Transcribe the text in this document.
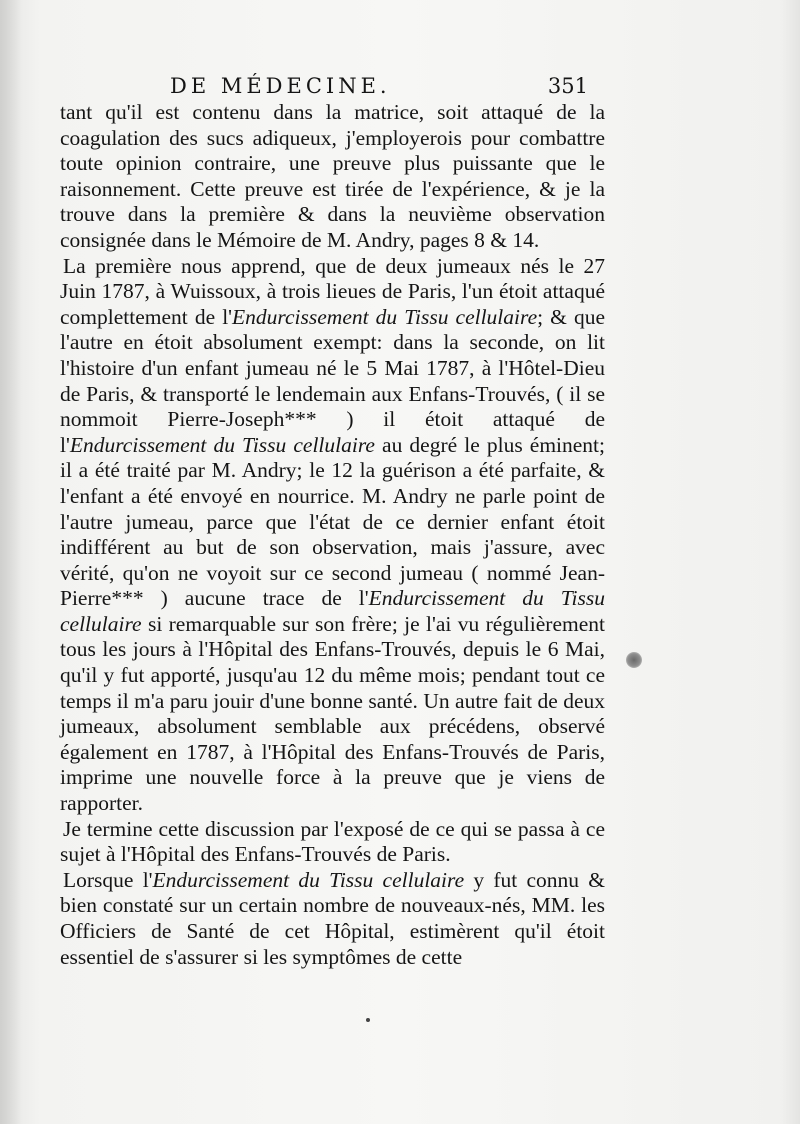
DE MÉDECINE.	351

tant qu'il est contenu dans la matrice, soit attaqué de la coagulation des sucs adiqueux, j'employerois pour combattre toute opinion contraire, une preuve plus puissante que le raisonnement. Cette preuve est tirée de l'expérience, & je la trouve dans la première & dans la neuvième observation consignée dans le Mémoire de M. Andry, pages 8 & 14.

La première nous apprend, que de deux jumeaux nés le 27 Juin 1787, à Wuissoux, à trois lieues de Paris, l'un étoit attaqué complettement de l'Endurcissement du Tissu cellulaire; & que l'autre en étoit absolument exempt: dans la seconde, on lit l'histoire d'un enfant jumeau né le 5 Mai 1787, à l'Hôtel-Dieu de Paris, & transporté le lendemain aux Enfans-Trouvés, ( il se nommoit Pierre-Joseph*** ) il étoit attaqué de l'Endurcissement du Tissu cellulaire au degré le plus éminent; il a été traité par M. Andry; le 12 la guérison a été parfaite, & l'enfant a été envoyé en nourrice. M. Andry ne parle point de l'autre jumeau, parce que l'état de ce dernier enfant étoit indifférent au but de son observation, mais j'assure, avec vérité, qu'on ne voyoit sur ce second jumeau ( nommé Jean-Pierre*** ) aucune trace de l'Endurcissement du Tissu cellulaire si remarquable sur son frère; je l'ai vu régulièrement tous les jours à l'Hôpital des Enfans-Trouvés, depuis le 6 Mai, qu'il y fut apporté, jusqu'au 12 du même mois; pendant tout ce temps il m'a paru jouir d'une bonne santé. Un autre fait de deux jumeaux, absolument semblable aux précédens, observé également en 1787, à l'Hôpital des Enfans-Trouvés de Paris, imprime une nouvelle force à la preuve que je viens de rapporter.

Je termine cette discussion par l'exposé de ce qui se passa à ce sujet à l'Hôpital des Enfans-Trouvés de Paris.

Lorsque l'Endurcissement du Tissu cellulaire y fut connu & bien constaté sur un certain nombre de nouveaux-nés, MM. les Officiers de Santé de cet Hôpital, estimèrent qu'il étoit essentiel de s'assurer si les symptômes de cette
